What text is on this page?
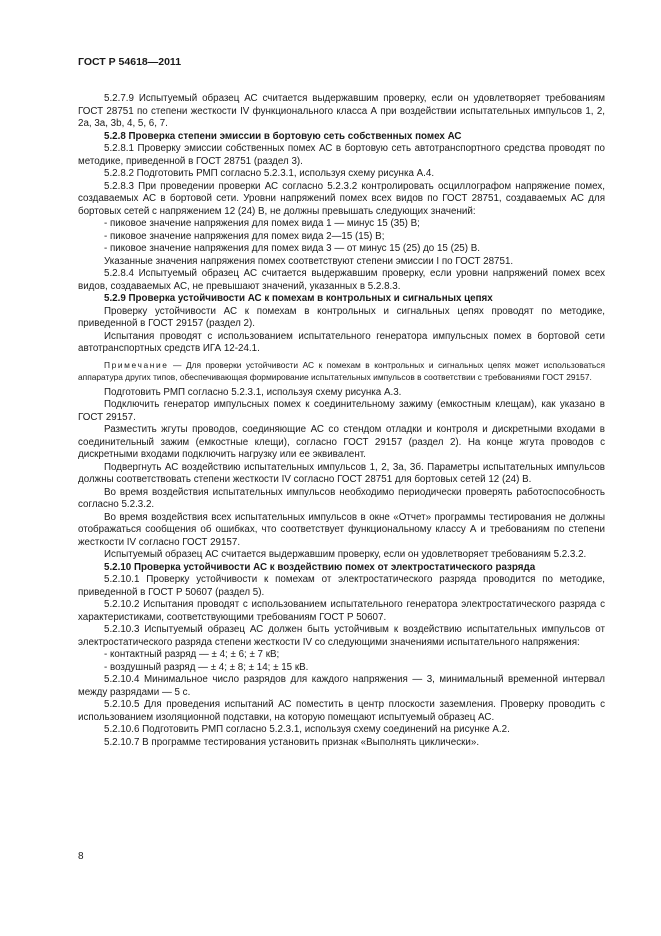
ГОСТ Р 54618—2011

5.2.7.9 Испытуемый образец АС считается выдержавшим проверку, если он удовлетворяет требованиям ГОСТ 28751 по степени жесткости IV функционального класса А при воздействии испытательных импульсов 1, 2, 2а, 3а, 3b, 4, 5, 6, 7.

5.2.8 Проверка степени эмиссии в бортовую сеть собственных помех АС

5.2.8.1 Проверку эмиссии собственных помех АС в бортовую сеть автотранспортного средства проводят по методике, приведенной в ГОСТ 28751 (раздел 3).

5.2.8.2 Подготовить РМП согласно 5.2.3.1, используя схему рисунка А.4.

5.2.8.3 При проведении проверки АС согласно 5.2.3.2 контролировать осциллографом напряжение помех, создаваемых АС в бортовой сети. Уровни напряжений помех всех видов по ГОСТ 28751, создаваемых АС для бортовых сетей с напряжением 12 (24) В, не должны превышать следующих значений:

- пиковое значение напряжения для помех вида 1 — минус 15 (35) В;

- пиковое значение напряжения для помех вида 2—15 (15) В;

- пиковое значение напряжения для помех вида 3 — от минус 15 (25) до 15 (25) В.

Указанные значения напряжения помех соответствуют степени эмиссии I по ГОСТ 28751.

5.2.8.4 Испытуемый образец АС считается выдержавшим проверку, если уровни напряжений помех всех видов, создаваемых АС, не превышают значений, указанных в 5.2.8.3.

5.2.9 Проверка устойчивости АС к помехам в контрольных и сигнальных цепях

Проверку устойчивости АС к помехам в контрольных и сигнальных цепях проводят по методике, приведенной в ГОСТ 29157 (раздел 2).

Испытания проводят с использованием испытательного генератора импульсных помех в бортовой сети автотранспортных средств ИГА 12-24.1.

Примечание — Для проверки устойчивости АС к помехам в контрольных и сигнальных цепях может использоваться аппаратура других типов, обеспечивающая формирование испытательных импульсов в соответствии с требованиями ГОСТ 29157.

Подготовить РМП согласно 5.2.3.1, используя схему рисунка А.3.

Подключить генератор импульсных помех к соединительному зажиму (емкостным клещам), как указано в ГОСТ 29157.

Разместить жгуты проводов, соединяющие АС со стендом отладки и контроля и дискретными входами в соединительный зажим (емкостные клещи), согласно ГОСТ 29157 (раздел 2). На конце жгута проводов с дискретными входами подключить нагрузку или ее эквивалент.

Подвергнуть АС воздействию испытательных импульсов 1, 2, 3а, 3б. Параметры испытательных импульсов должны соответствовать степени жесткости IV согласно ГОСТ 28751 для бортовых сетей 12 (24) В.

Во время воздействия испытательных импульсов необходимо периодически проверять работоспособность согласно 5.2.3.2.

Во время воздействия всех испытательных импульсов в окне «Отчет» программы тестирования не должны отображаться сообщения об ошибках, что соответствует функциональному классу А и требованиям по степени жесткости IV согласно ГОСТ 29157.

Испытуемый образец АС считается выдержавшим проверку, если он удовлетворяет требованиям 5.2.3.2.

5.2.10 Проверка устойчивости АС к воздействию помех от электростатического разряда

5.2.10.1 Проверку устойчивости к помехам от электростатического разряда проводится по методике, приведенной в ГОСТ Р 50607 (раздел 5).

5.2.10.2 Испытания проводят с использованием испытательного генератора электростатического разряда с характеристиками, соответствующими требованиям ГОСТ Р 50607.

5.2.10.3 Испытуемый образец АС должен быть устойчивым к воздействию испытательных импульсов от электростатического разряда степени жесткости IV со следующими значениями испытательного напряжения:

- контактный разряд — ± 4; ± 6; ± 7 кВ;

- воздушный разряд — ± 4; ± 8; ± 14; ± 15 кВ.

5.2.10.4 Минимальное число разрядов для каждого напряжения — 3, минимальный временной интервал между разрядами — 5 с.

5.2.10.5 Для проведения испытаний АС поместить в центр плоскости заземления. Проверку проводить с использованием изоляционной подставки, на которую помещают испытуемый образец АС.

5.2.10.6 Подготовить РМП согласно 5.2.3.1, используя схему соединений на рисунке А.2.

5.2.10.7 В программе тестирования установить признак «Выполнять циклически».

8
